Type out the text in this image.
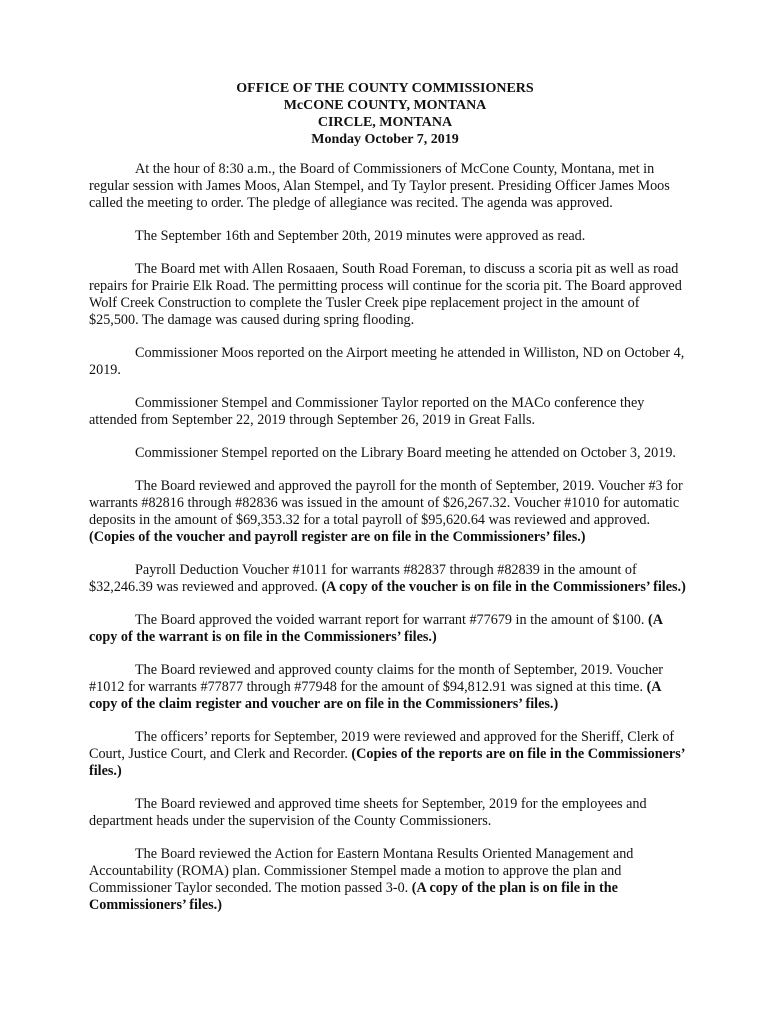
OFFICE OF THE COUNTY COMMISSIONERS
McCONE COUNTY, MONTANA
CIRCLE, MONTANA
Monday October 7, 2019

At the hour of 8:30 a.m., the Board of Commissioners of McCone County, Montana, met in regular session with James Moos, Alan Stempel, and Ty Taylor present. Presiding Officer James Moos called the meeting to order. The pledge of allegiance was recited. The agenda was approved.

The September 16th and September 20th, 2019 minutes were approved as read.

The Board met with Allen Rosaaen, South Road Foreman, to discuss a scoria pit as well as road repairs for Prairie Elk Road. The permitting process will continue for the scoria pit. The Board approved Wolf Creek Construction to complete the Tusler Creek pipe replacement project in the amount of $25,500. The damage was caused during spring flooding.

Commissioner Moos reported on the Airport meeting he attended in Williston, ND on October 4, 2019.

Commissioner Stempel and Commissioner Taylor reported on the MACo conference they attended from September 22, 2019 through September 26, 2019 in Great Falls.

Commissioner Stempel reported on the Library Board meeting he attended on October 3, 2019.

The Board reviewed and approved the payroll for the month of September, 2019. Voucher #3 for warrants #82816 through #82836 was issued in the amount of $26,267.32. Voucher #1010 for automatic deposits in the amount of $69,353.32 for a total payroll of $95,620.64 was reviewed and approved. (Copies of the voucher and payroll register are on file in the Commissioners’ files.)

Payroll Deduction Voucher #1011 for warrants #82837 through #82839 in the amount of $32,246.39 was reviewed and approved. (A copy of the voucher is on file in the Commissioners’ files.)

The Board approved the voided warrant report for warrant #77679 in the amount of $100. (A copy of the warrant is on file in the Commissioners’ files.)

The Board reviewed and approved county claims for the month of September, 2019. Voucher #1012 for warrants #77877 through #77948 for the amount of $94,812.91 was signed at this time. (A copy of the claim register and voucher are on file in the Commissioners’ files.)

The officers’ reports for September, 2019 were reviewed and approved for the Sheriff, Clerk of Court, Justice Court, and Clerk and Recorder. (Copies of the reports are on file in the Commissioners’ files.)

The Board reviewed and approved time sheets for September, 2019 for the employees and department heads under the supervision of the County Commissioners.

The Board reviewed the Action for Eastern Montana Results Oriented Management and Accountability (ROMA) plan. Commissioner Stempel made a motion to approve the plan and Commissioner Taylor seconded. The motion passed 3-0. (A copy of the plan is on file in the Commissioners’ files.)
